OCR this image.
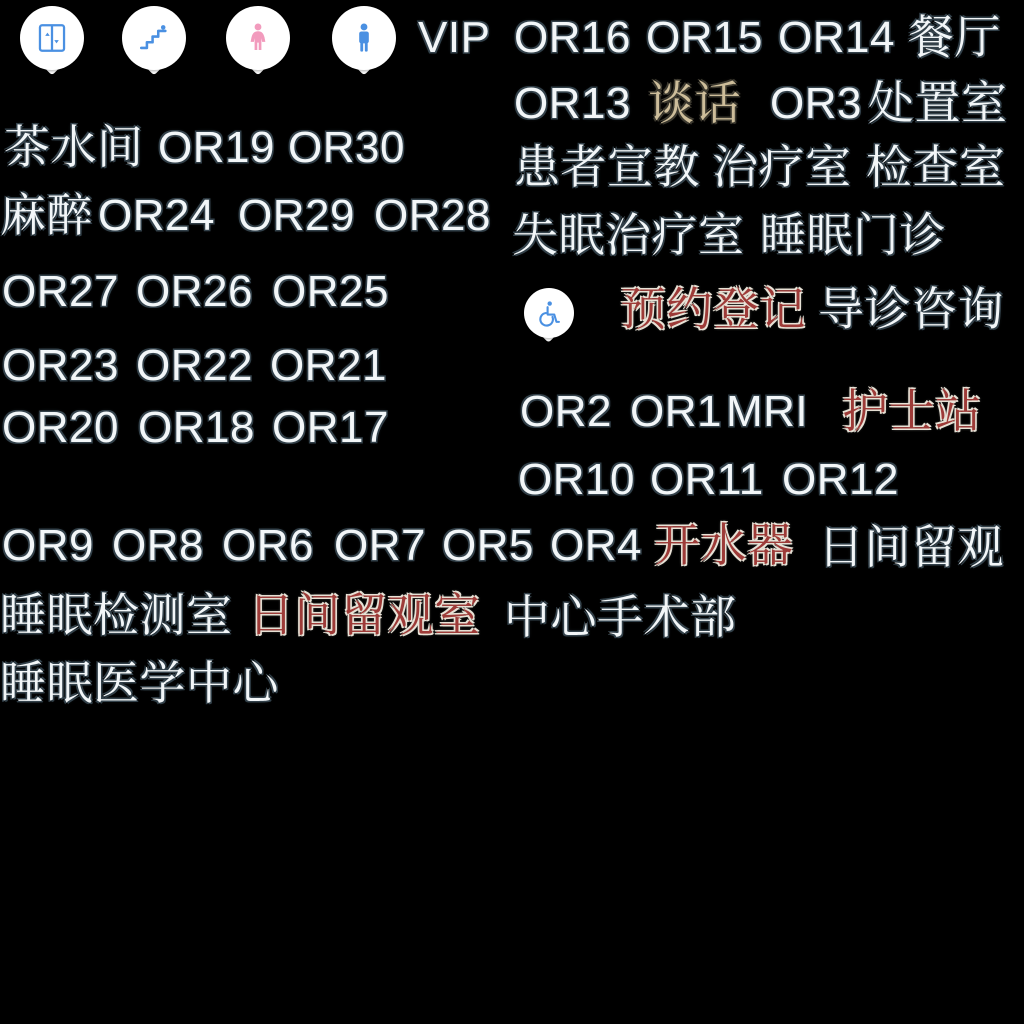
VIP OR16 OR15 OR14 餐厅
OR13 谈话 OR3 处置室
患者宣教 治疗室 检查室
失眠治疗室 睡眠门诊
预约登记 导诊咨询
OR2 OR1 MRI 护士站
OR10 OR11 OR12
茶水间 OR19 OR30
麻醉 OR24 OR29 OR28
OR27 OR26 OR25
OR23 OR22 OR21
OR20 OR18 OR17
OR9 OR8 OR6 OR7 OR5 OR4 开水器 日间留观
睡眠检测室 日间留观室 中心手术部
睡眠医学中心
